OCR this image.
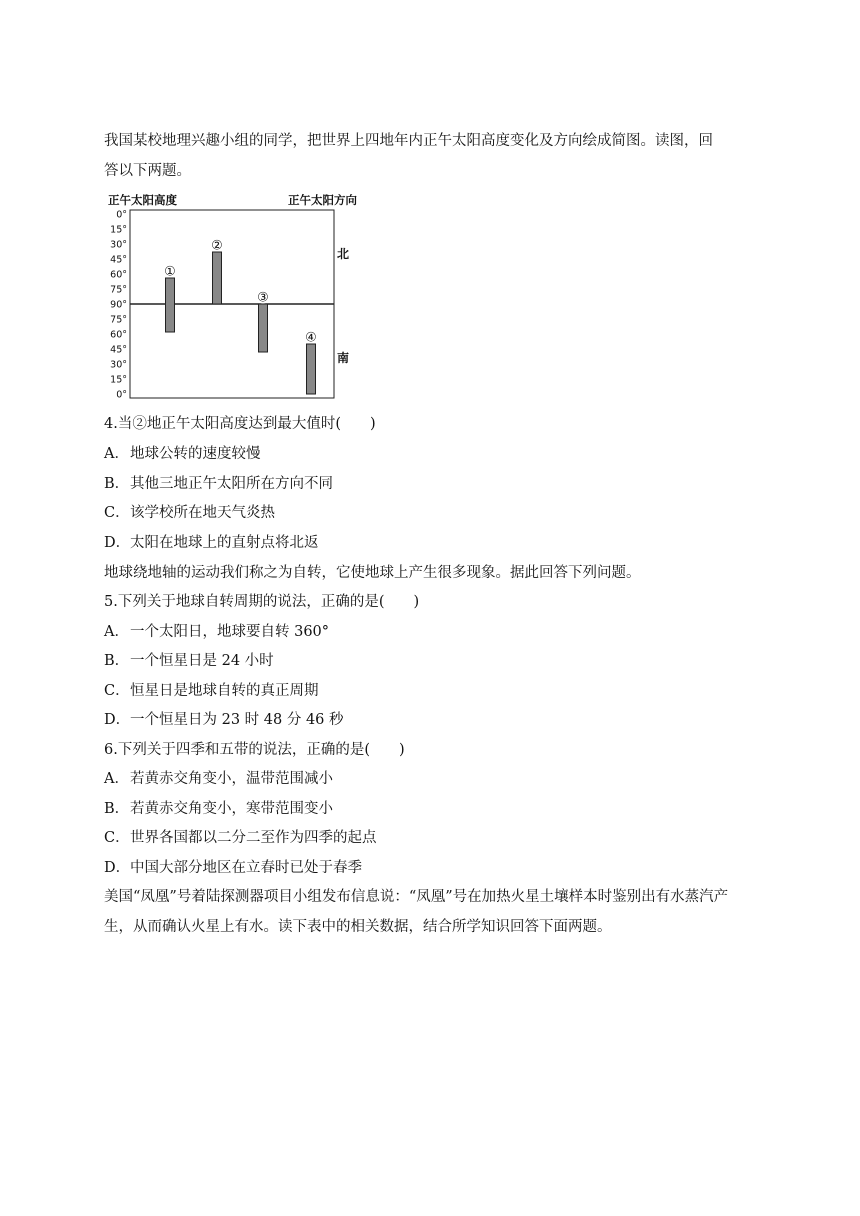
我国某校地理兴趣小组的同学，把世界上四地年内正午太阳高度变化及方向绘成简图。读图，回
答以下两题。
正午太阳高度	正午太阳方向
0°
15°
30°
45°
60°
75°
90°
75°
60°
45°
30°
15°
0°
①
②
③
④
北
南
4.当②地正午太阳高度达到最大值时(　　)
A．地球公转的速度较慢
B．其他三地正午太阳所在方向不同
C．该学校所在地天气炎热
D．太阳在地球上的直射点将北返
地球绕地轴的运动我们称之为自转，它使地球上产生很多现象。据此回答下列问题。
5.下列关于地球自转周期的说法，正确的是(　　)
A．一个太阳日，地球要自转 360°
B．一个恒星日是 24 小时
C．恒星日是地球自转的真正周期
D．一个恒星日为 23 时 48 分 46 秒
6.下列关于四季和五带的说法，正确的是(　　)
A．若黄赤交角变小，温带范围减小
B．若黄赤交角变小，寒带范围变小
C．世界各国都以二分二至作为四季的起点
D．中国大部分地区在立春时已处于春季
美国“凤凰”号着陆探测器项目小组发布信息说：“凤凰”号在加热火星土壤样本时鉴别出有水蒸汽产
生，从而确认火星上有水。读下表中的相关数据，结合所学知识回答下面两题。
